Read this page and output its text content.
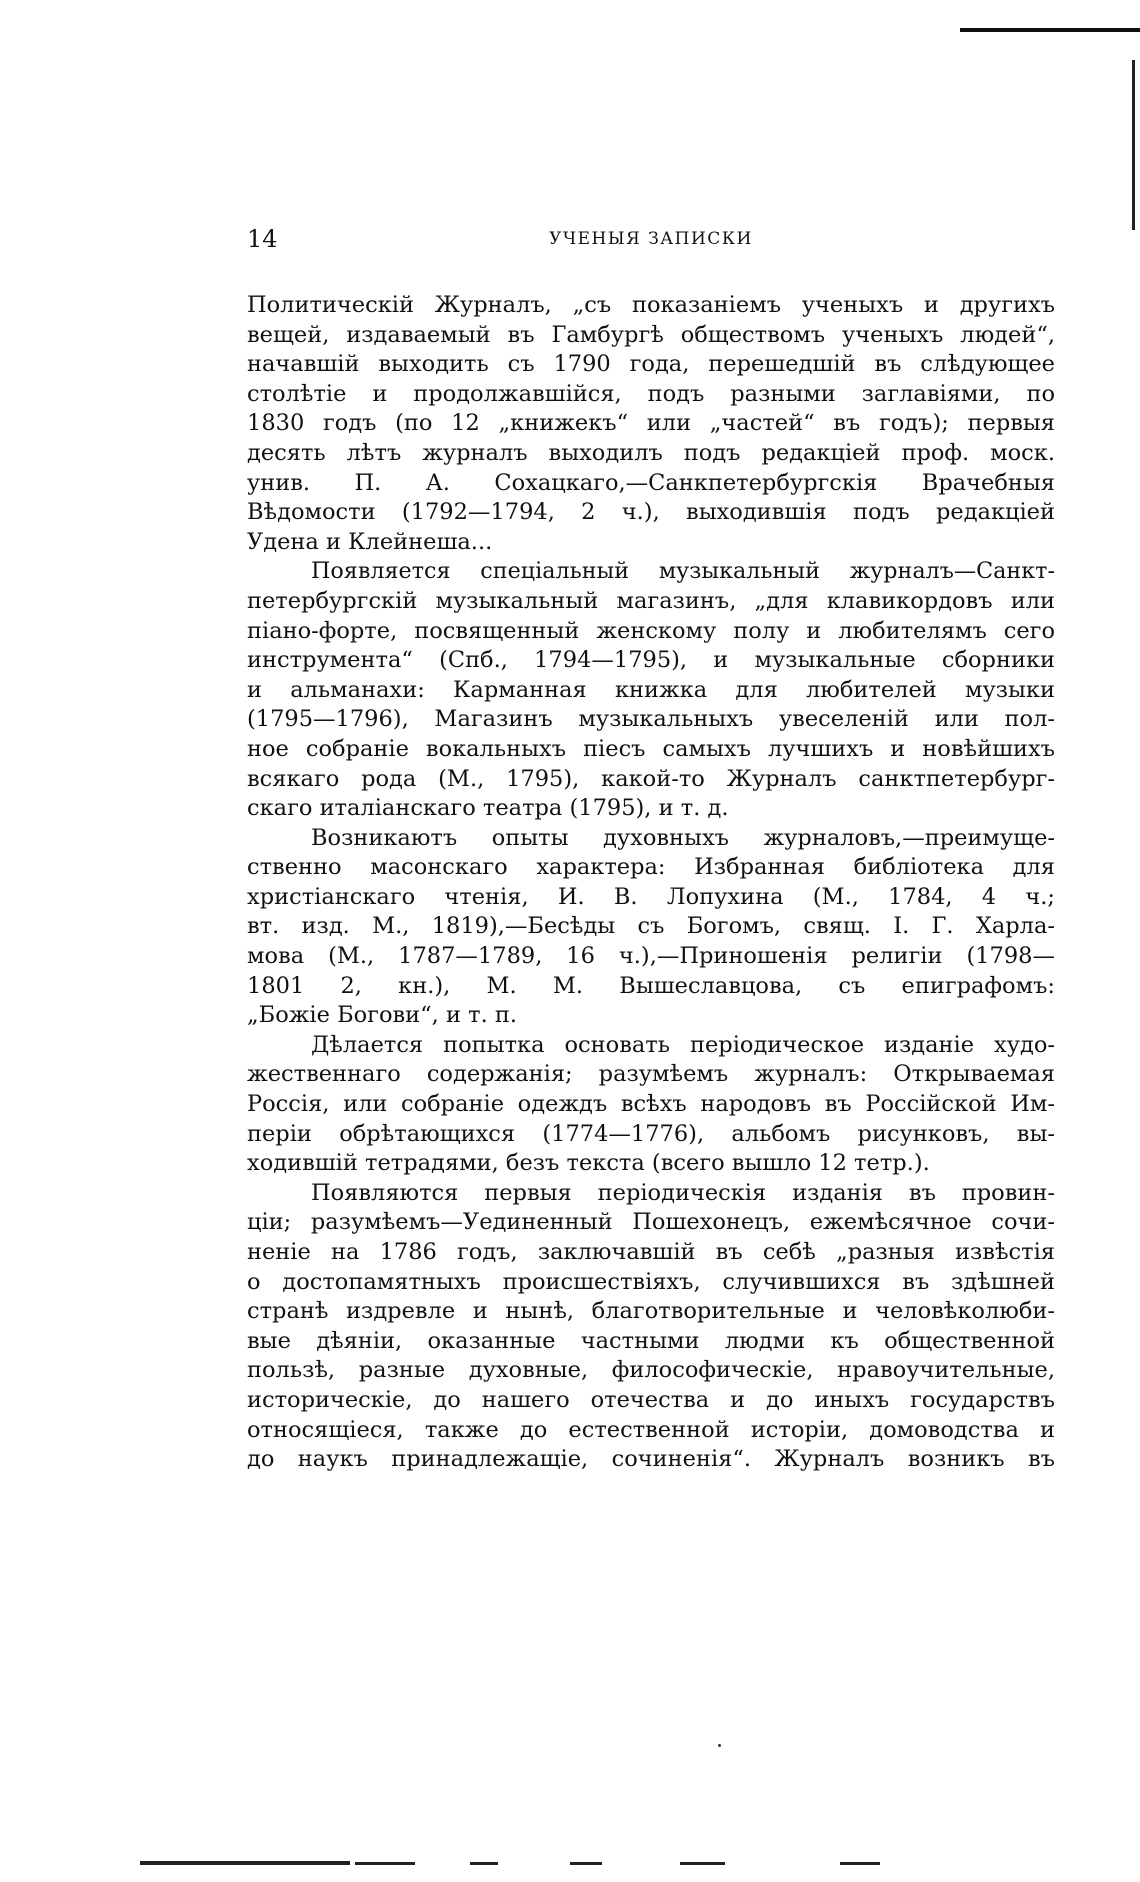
14	УЧЕНЫЯ ЗАПИСКИ

Политическій Журналъ, „съ показаніемъ ученыхъ и другихъ
вещей, издаваемый въ Гамбургѣ обществомъ ученыхъ людей“,
начавшій выходить съ 1790 года, перешедшій въ слѣдующее
столѣтіе и продолжавшійся, подъ разными заглавіями, по
1830 годъ (по 12 „книжекъ“ или „частей“ въ годъ); первыя
десять лѣтъ журналъ выходилъ подъ редакціей проф. моск.
унив. П. А. Сохацкаго,—Санкпетербургскія Врачебныя
Вѣдомости (1792—1794, 2 ч.), выходившія подъ редакціей
Удена и Клейнеша...

Появляется спеціальный музыкальный журналъ—Санкт-
петербургскій музыкальный магазинъ, „для клавикордовъ или
піано-форте, посвященный женскому полу и любителямъ сего
инструмента“ (Спб., 1794—1795), и музыкальные сборники
и альманахи: Карманная книжка для любителей музыки
(1795—1796), Магазинъ музыкальныхъ увеселеній или пол-
ное собраніе вокальныхъ піесъ самыхъ лучшихъ и новѣйшихъ
всякаго рода (М., 1795), какой-то Журналъ санктпетербург-
скаго италіанскаго театра (1795), и т. д.

Возникаютъ опыты духовныхъ журналовъ,—преимуще-
ственно масонскаго характера: Избранная библіотека для
христіанскаго чтенія, И. В. Лопухина (М., 1784, 4 ч.;
вт. изд. М., 1819),—Бесѣды съ Богомъ, свящ. І. Г. Харла-
мова (М., 1787—1789, 16 ч.),—Приношенія религіи (1798—
1801 2, кн.), М. М. Вышеславцова, съ епиграфомъ:
„Божіе Богови“, и т. п.

Дѣлается попытка основать періодическое изданіе худо-
жественнаго содержанія; разумѣемъ журналъ: Открываемая
Россія, или собраніе одеждъ всѣхъ народовъ въ Россійской Им-
періи обрѣтающихся (1774—1776), альбомъ рисунковъ, вы-
ходившій тетрадями, безъ текста (всего вышло 12 тетр.).

Появляются первыя періодическія изданія въ провин-
ціи; разумѣемъ—Уединенный Пошехонецъ, ежемѣсячное сочи-
неніе на 1786 годъ, заключавшій въ себѣ „разныя извѣстія
о достопамятныхъ происшествіяхъ, случившихся въ здѣшней
странѣ издревле и нынѣ, благотворительные и человѣколюби-
вые дѣяніи, оказанные частными людми къ общественной
пользѣ, разные духовные, философическіе, нравоучительные,
историческіе, до нашего отечества и до иныхъ государствъ
относящіеся, также до естественной исторіи, домоводства и
до наукъ принадлежащіе, сочиненія“. Журналъ возникъ въ
